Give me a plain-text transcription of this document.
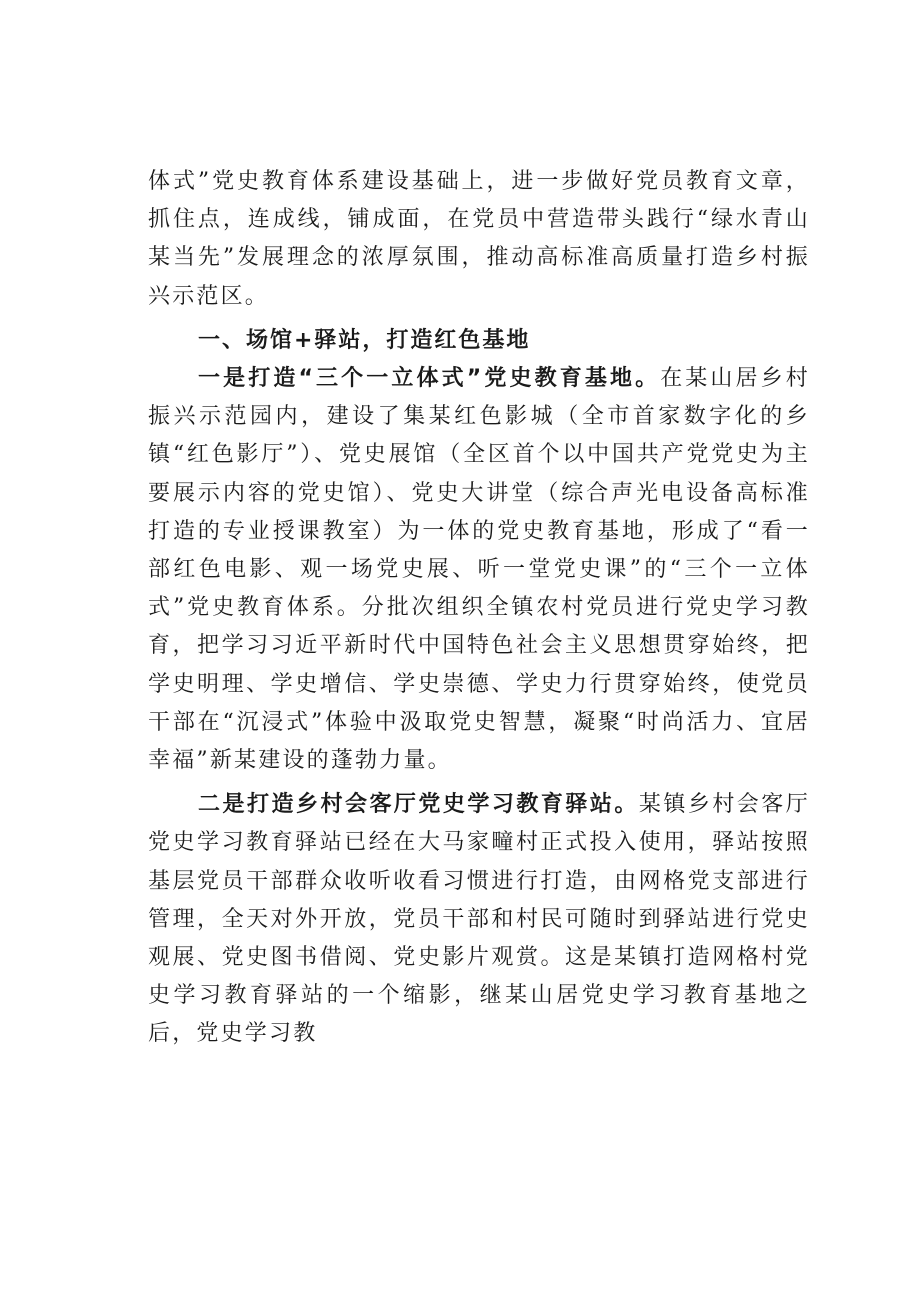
体式”党史教育体系建设基础上，进一步做好党员教育文章，抓住点，连成线，铺成面，在党员中营造带头践行“绿水青山某当先”发展理念的浓厚氛围，推动高标准高质量打造乡村振兴示范区。

一、场馆+驿站，打造红色基地

一是打造“三个一立体式”党史教育基地。在某山居乡村振兴示范园内，建设了集某红色影城（全市首家数字化的乡镇“红色影厅”）、党史展馆（全区首个以中国共产党党史为主要展示内容的党史馆）、党史大讲堂（综合声光电设备高标准打造的专业授课教室）为一体的党史教育基地，形成了“看一部红色电影、观一场党史展、听一堂党史课”的“三个一立体式”党史教育体系。分批次组织全镇农村党员进行党史学习教育，把学习习近平新时代中国特色社会主义思想贯穿始终，把学史明理、学史增信、学史崇德、学史力行贯穿始终，使党员干部在“沉浸式”体验中汲取党史智慧，凝聚“时尚活力、宜居幸福”新某建设的蓬勃力量。

二是打造乡村会客厅党史学习教育驿站。某镇乡村会客厅党史学习教育驿站已经在大马家疃村正式投入使用，驿站按照基层党员干部群众收听收看习惯进行打造，由网格党支部进行管理，全天对外开放，党员干部和村民可随时到驿站进行党史观展、党史图书借阅、党史影片观赏。这是某镇打造网格村党史学习教育驿站的一个缩影，继某山居党史学习教育基地之后，党史学习教
